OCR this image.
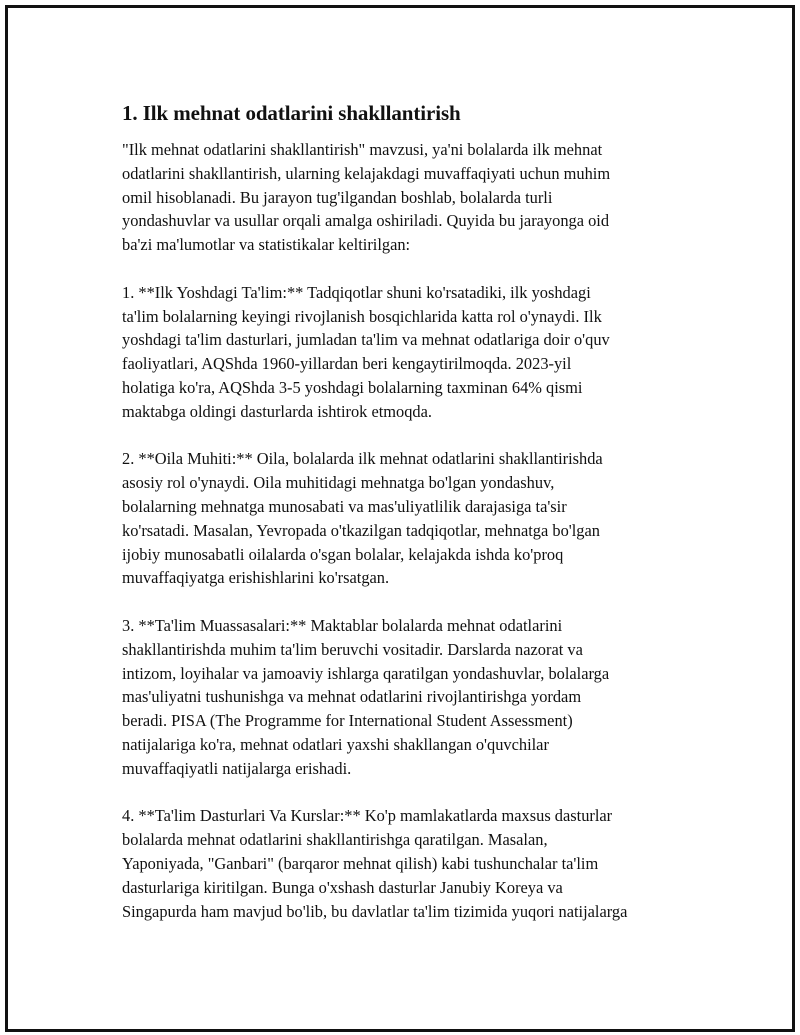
1. Ilk mehnat odatlarini shakllantirish
"Ilk mehnat odatlarini shakllantirish" mavzusi, ya'ni bolalarda ilk mehnat
odatlarini shakllantirish, ularning kelajakdagi muvaffaqiyati uchun muhim
omil hisoblanadi. Bu jarayon tug'ilgandan boshlab, bolalarda turli
yondashuvlar va usullar orqali amalga oshiriladi. Quyida bu jarayonga oid
ba'zi ma'lumotlar va statistikalar keltirilgan:
1. **Ilk Yoshdagi Ta'lim:** Tadqiqotlar shuni ko'rsatadiki, ilk yoshdagi
ta'lim bolalarning keyingi rivojlanish bosqichlarida katta rol o'ynaydi. Ilk
yoshdagi ta'lim dasturlari, jumladan ta'lim va mehnat odatlariga doir o'quv
faoliyatlari, AQShda 1960-yillardan beri kengaytirilmoqda. 2023-yil
holatiga ko'ra, AQShda 3-5 yoshdagi bolalarning taxminan 64% qismi
maktabga oldingi dasturlarda ishtirok etmoqda.
2. **Oila Muhiti:** Oila, bolalarda ilk mehnat odatlarini shakllantirishda
asosiy rol o'ynaydi. Oila muhitidagi mehnatga bo'lgan yondashuv,
bolalarning mehnatga munosabati va mas'uliyatlilik darajasiga ta'sir
ko'rsatadi. Masalan, Yevropada o'tkazilgan tadqiqotlar, mehnatga bo'lgan
ijobiy munosabatli oilalarda o'sgan bolalar, kelajakda ishda ko'proq
muvaffaqiyatga erishishlarini ko'rsatgan.
3. **Ta'lim Muassasalari:** Maktablar bolalarda mehnat odatlarini
shakllantirishda muhim ta'lim beruvchi vositadir. Darslarda nazorat va
intizom, loyihalar va jamoaviy ishlarga qaratilgan yondashuvlar, bolalarga
mas'uliyatni tushunishga va mehnat odatlarini rivojlantirishga yordam
beradi. PISA (The Programme for International Student Assessment)
natijalariga ko'ra, mehnat odatlari yaxshi shakllangan o'quvchilar
muvaffaqiyatli natijalarga erishadi.
4. **Ta'lim Dasturlari Va Kurslar:** Ko'p mamlakatlarda maxsus dasturlar
bolalarda mehnat odatlarini shakllantirishga qaratilgan. Masalan,
Yaponiyada, "Ganbari" (barqaror mehnat qilish) kabi tushunchalar ta'lim
dasturlariga kiritilgan. Bunga o'xshash dasturlar Janubiy Koreya va
Singapurda ham mavjud bo'lib, bu davlatlar ta'lim tizimida yuqori natijalarga
